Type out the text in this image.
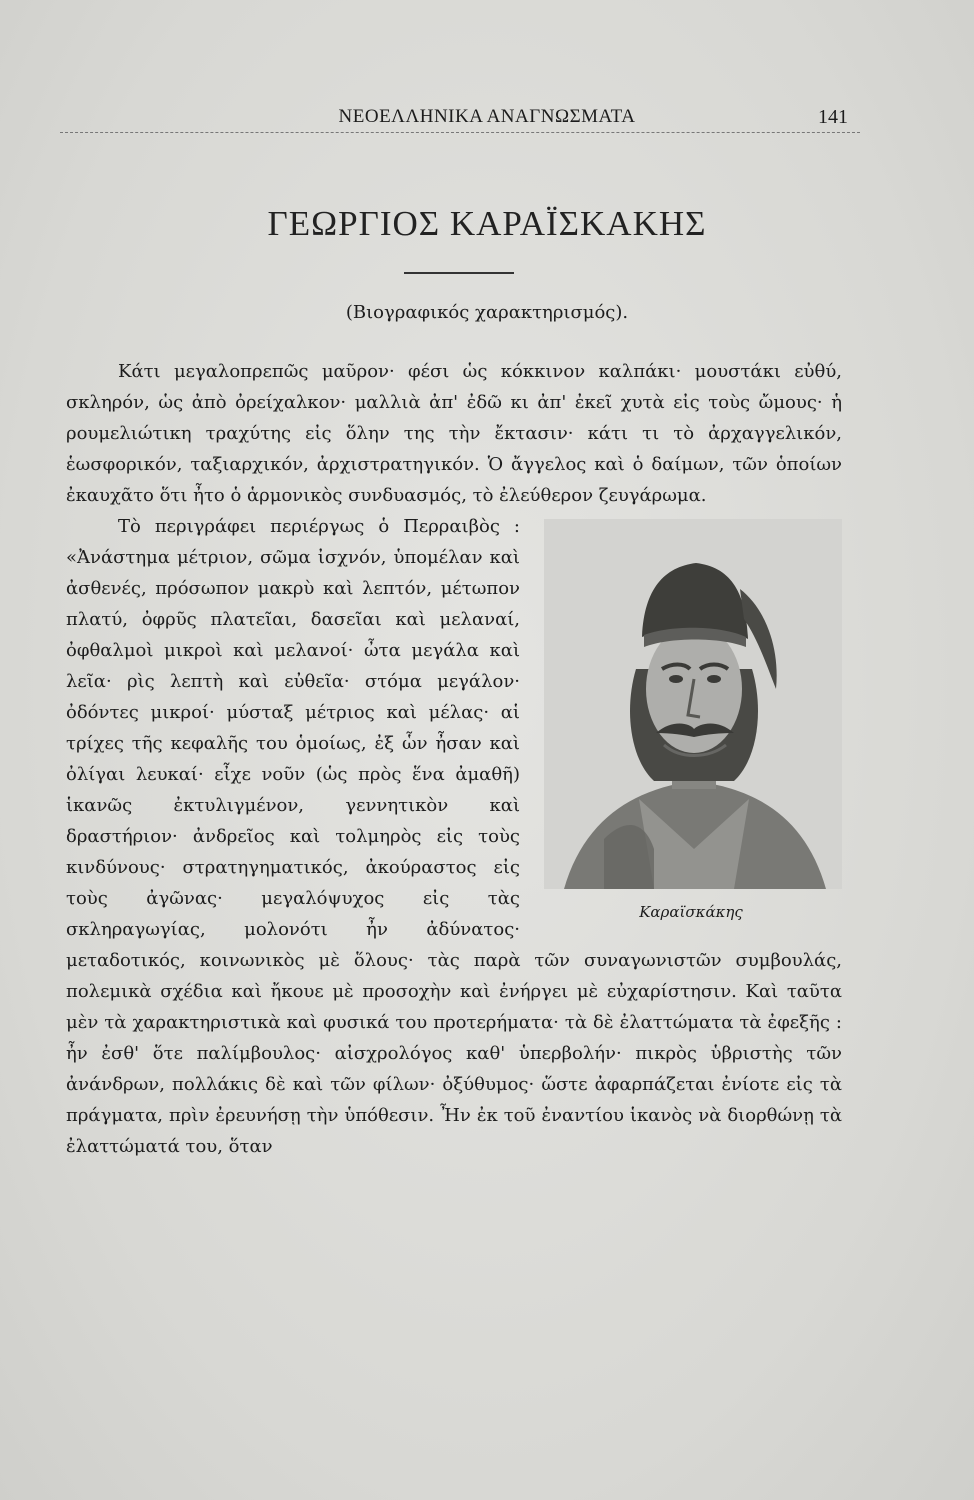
ΝΕΟΕΛΛΗΝΙΚΑ ΑΝΑΓΝΩΣΜΑΤΑ	141
ΓΕΩΡΓΙΟΣ ΚΑΡΑΪΣΚΑΚΗΣ
(Βιογραφικός χαρακτηρισμός).

Κάτι μεγαλοπρεπῶς μαῦρον· φέσι ὡς κόκκινον καλπάκι· μουστάκι εὐθύ, σκληρόν, ὡς ἀπὸ ὀρείχαλκον· μαλλιὰ ἀπ' ἐδῶ κι ἀπ' ἐκεῖ χυτὰ εἰς τοὺς ὤμους· ἡ ρουμελιώτικη τραχύτης εἰς ὅλην της τὴν ἔκτασιν· κάτι τι τὸ ἀρχαγγελικόν, ἑωσφορικόν, ταξιαρχικόν, ἀρχιστρατηγικόν. Ὁ ἄγγελος καὶ ὁ δαίμων, τῶν ὁποίων ἐκαυχᾶτο ὅτι ἦτο ὁ ἁρμονικὸς συνδυασμός, τὸ ἐλεύθερον ζευγάρωμα.

Καραϊσκάκης

Τὸ περιγράφει περιέργως ὁ Περραιβὸς : «Ἀνάστημα μέτριον, σῶμα ἰσχνόν, ὑπομέλαν καὶ ἀσθενές, πρόσωπον μακρὺ καὶ λεπτόν, μέτωπον πλατύ, ὀφρῦς πλατεῖαι, δασεῖαι καὶ μελαναί, ὀφθαλμοὶ μικροὶ καὶ μελανοί· ὦτα μεγάλα καὶ λεῖα· ρὶς λεπτὴ καὶ εὐθεῖα· στόμα μεγάλον· ὀδόντες μικροί· μύσταξ μέτριος καὶ μέλας· αἱ τρίχες τῆς κεφαλῆς του ὁμοίως, ἐξ ὧν ἦσαν καὶ ὀλίγαι λευκαί· εἶχε νοῦν (ὡς πρὸς ἕνα ἀμαθῆ) ἱκανῶς ἐκτυλιγμένον, γεννητικὸν καὶ δραστήριον· ἀνδρεῖος καὶ τολμηρὸς εἰς τοὺς κινδύνους· στρατηγηματικός, ἀκούραστος εἰς τοὺς ἀγῶνας· μεγαλόψυχος εἰς τὰς σκληραγωγίας, μολονότι ἦν ἀδύνατος· μεταδοτικός, κοινωνικὸς μὲ ὅλους· τὰς παρὰ τῶν συναγωνιστῶν συμβουλάς, πολεμικὰ σχέδια καὶ ἤκουε μὲ προσοχὴν καὶ ἐνήργει μὲ εὐχαρίστησιν. Καὶ ταῦτα μὲν τὰ χαρακτηριστικὰ καὶ φυσικά του προτερήματα· τὰ δὲ ἐλαττώματα τὰ ἐφεξῆς : ἦν ἐσθ' ὅτε παλίμβουλος· αἰσχρολόγος καθ' ὑπερβολήν· πικρὸς ὑβριστὴς τῶν ἀνάνδρων, πολλάκις δὲ καὶ τῶν φίλων· ὀξύθυμος· ὥστε ἀφαρπάζεται ἐνίοτε εἰς τὰ πράγματα, πρὶν ἐρευνήσῃ τὴν ὑπόθεσιν. Ἦν ἐκ τοῦ ἐναντίου ἱκανὸς νὰ διορθώνῃ τὰ ἐλαττώματά του, ὅταν
